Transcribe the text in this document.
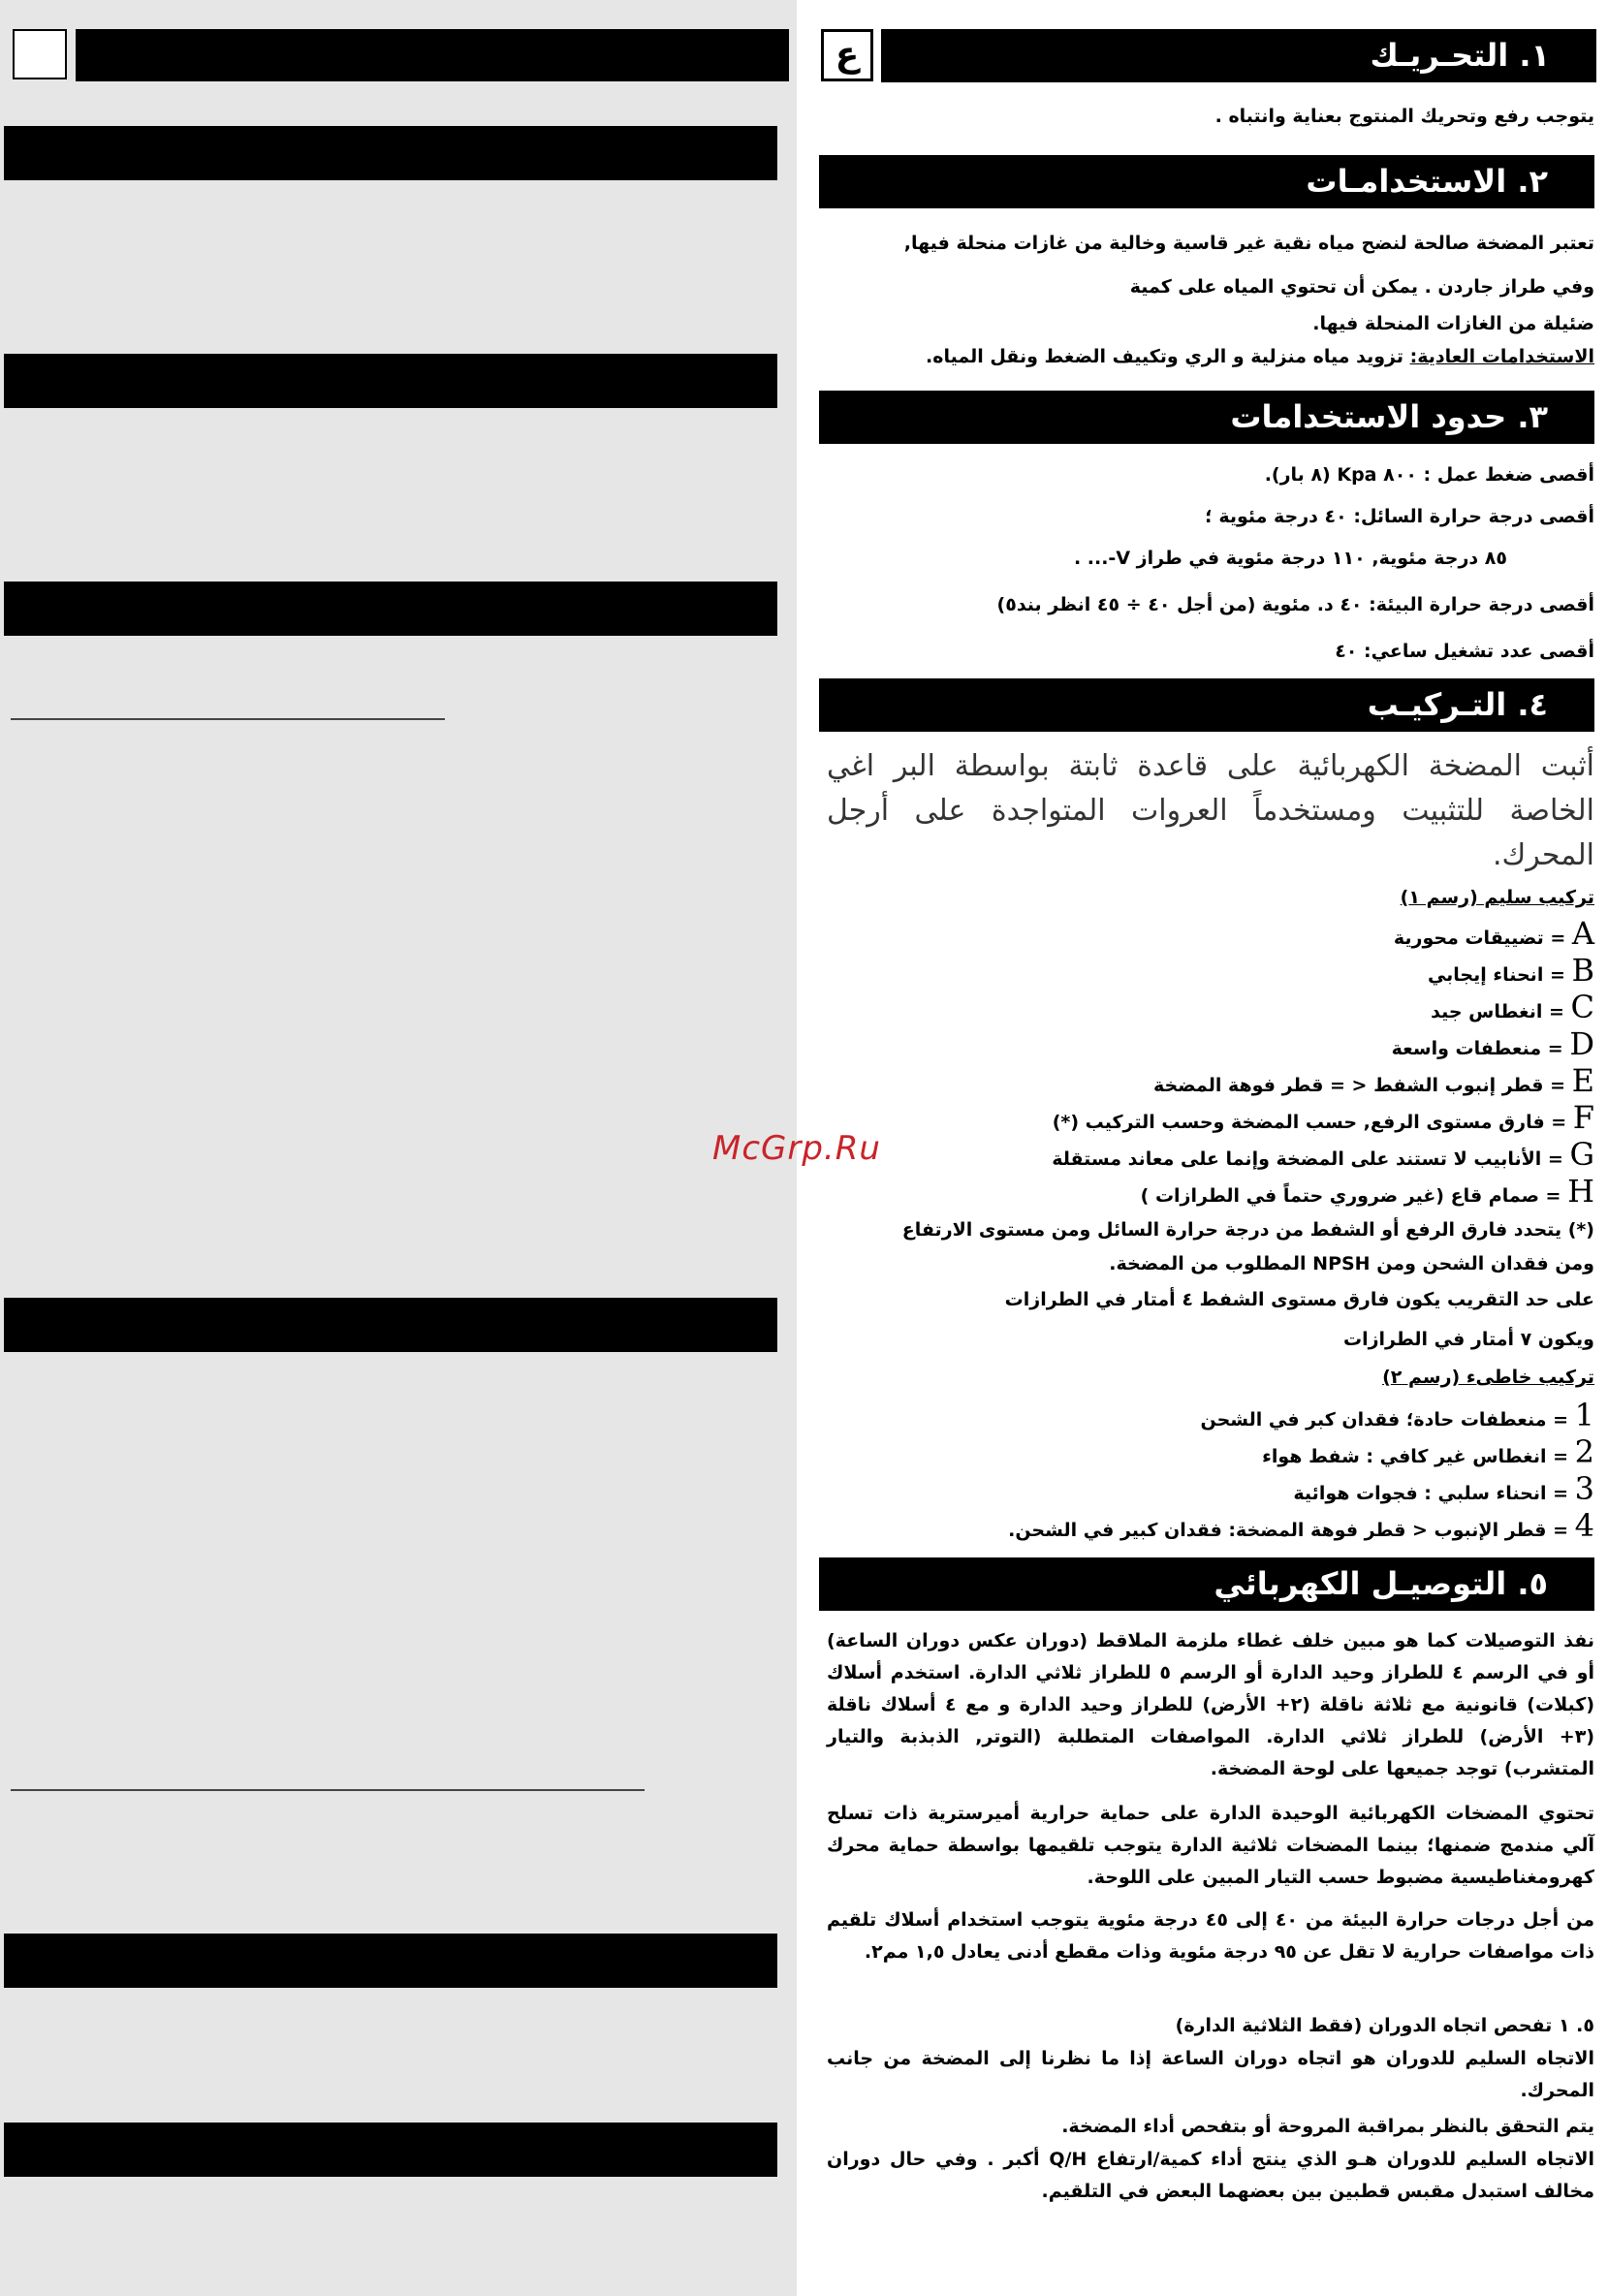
ع	١. التحـريـك
يتوجب رفع وتحريك المنتوج بعناية وانتباه .
٢. الاستخدامـات
تعتبر المضخة صالحة لنضح مياه نقية غير قاسية وخالية من غازات منحلة فيها,
وفي طراز جاردن . يمكن أن تحتوي المياه على كمية
ضئيلة من الغازات المنحلة فيها.
الاستخدامات العادية: تزويد مياه منزلية و الري وتكييف الضغط ونقل المياه.
٣. حدود الاستخدامات
أقصى ضغط عمل : ٨٠٠ Kpa (٨ بار).
أقصى درجة حرارة السائل: ٤٠ درجة مئوية ؛
٨٥ درجة مئوية, ١١٠ درجة مئوية في طراز V-... .
أقصى درجة حرارة البيئة: ٤٠ د. مئوية (من أجل ٤٠ ÷ ٤٥ انظر بند٥)
أقصى عدد تشغيل ساعي: ٤٠
٤. التـركيـب
أثبت المضخة الكهربائية على قاعدة ثابتة بواسطة البر اغي الخاصة للتثبيت ومستخدماً العروات المتواجدة على أرجل المحرك.
تركيب سليم (رسم ١)
A = تضييقات محورية
B = انحناء إيجابي
C = انغطاس جيد
D = منعطفات واسعة
E = قطر إنبوب الشفط < = قطر فوهة المضخة
F = فارق مستوى الرفع, حسب المضخة وحسب التركيب (*)
G = الأنابيب لا تستند على المضخة وإنما على معاند مستقلة
H = صمام قاع (غير ضروري حتماً في الطرازات )
(*) يتحدد فارق الرفع أو الشفط من درجة حرارة السائل ومن مستوى الارتفاع
ومن فقدان الشحن ومن NPSH المطلوب من المضخة.
على حد التقريب يكون فارق مستوى الشفط ٤ أمتار في الطرازات
ويكون ٧ أمتار في الطرازات
تركيب خاطىء (رسم ٢)
1 = منعطفات حادة؛ فقدان كبر في الشحن
2 = انغطاس غير كافي : شفط هواء
3 = انحناء سلبي : فجوات هوائية
4 = قطر الإنبوب < قطر فوهة المضخة: فقدان كبير في الشحن.
٥. التوصيـل الكهربائي
نفذ التوصيلات كما هو مبين خلف غطاء ملزمة الملاقط (دوران عكس دوران الساعة) أو في الرسم ٤ للطراز وحيد الدارة أو الرسم ٥ للطراز ثلاثي الدارة. استخدم أسلاك (كبلات) قانونية مع ثلاثة ناقلة (٢+ الأرض) للطراز وحيد الدارة و مع ٤ أسلاك ناقلة (٣+ الأرض) للطراز ثلاثي الدارة. المواصفات المتطلبة (التوتر, الذبذبة والتيار المتشرب) توجد جميعها على لوحة المضخة.
تحتوي المضخات الكهربائية الوحيدة الدارة على حماية حرارية أميرسترية ذات تسلح آلي مندمج ضمنها؛ بينما المضخات ثلاثية الدارة يتوجب تلقيمها بواسطة حماية محرك كهرومغناطيسية مضبوط حسب التيار المبين على اللوحة.
من أجل درجات حرارة البيئة من ٤٠ إلى ٤٥ درجة مئوية يتوجب استخدام أسلاك تلقيم ذات مواصفات حرارية لا تقل عن ٩٥ درجة مئوية وذات مقطع أدنى يعادل ١,٥ مم٢.
٥. ١ تفحص اتجاه الدوران (فقط الثلاثية الدارة)
الاتجاه السليم للدوران هو اتجاه دوران الساعة إذا ما نظرنا إلى المضخة من جانب المحرك.
يتم التحقق بالنظر بمراقبة المروحة أو بتفحص أداء المضخة.
الاتجاه السليم للدوران هـو الذي ينتج أداء كمية/ارتفاع Q/H أكبر . وفي حال دوران مخالف استبدل مقبس قطبين بين بعضهما البعض في التلقيم.
McGrp.Ru
